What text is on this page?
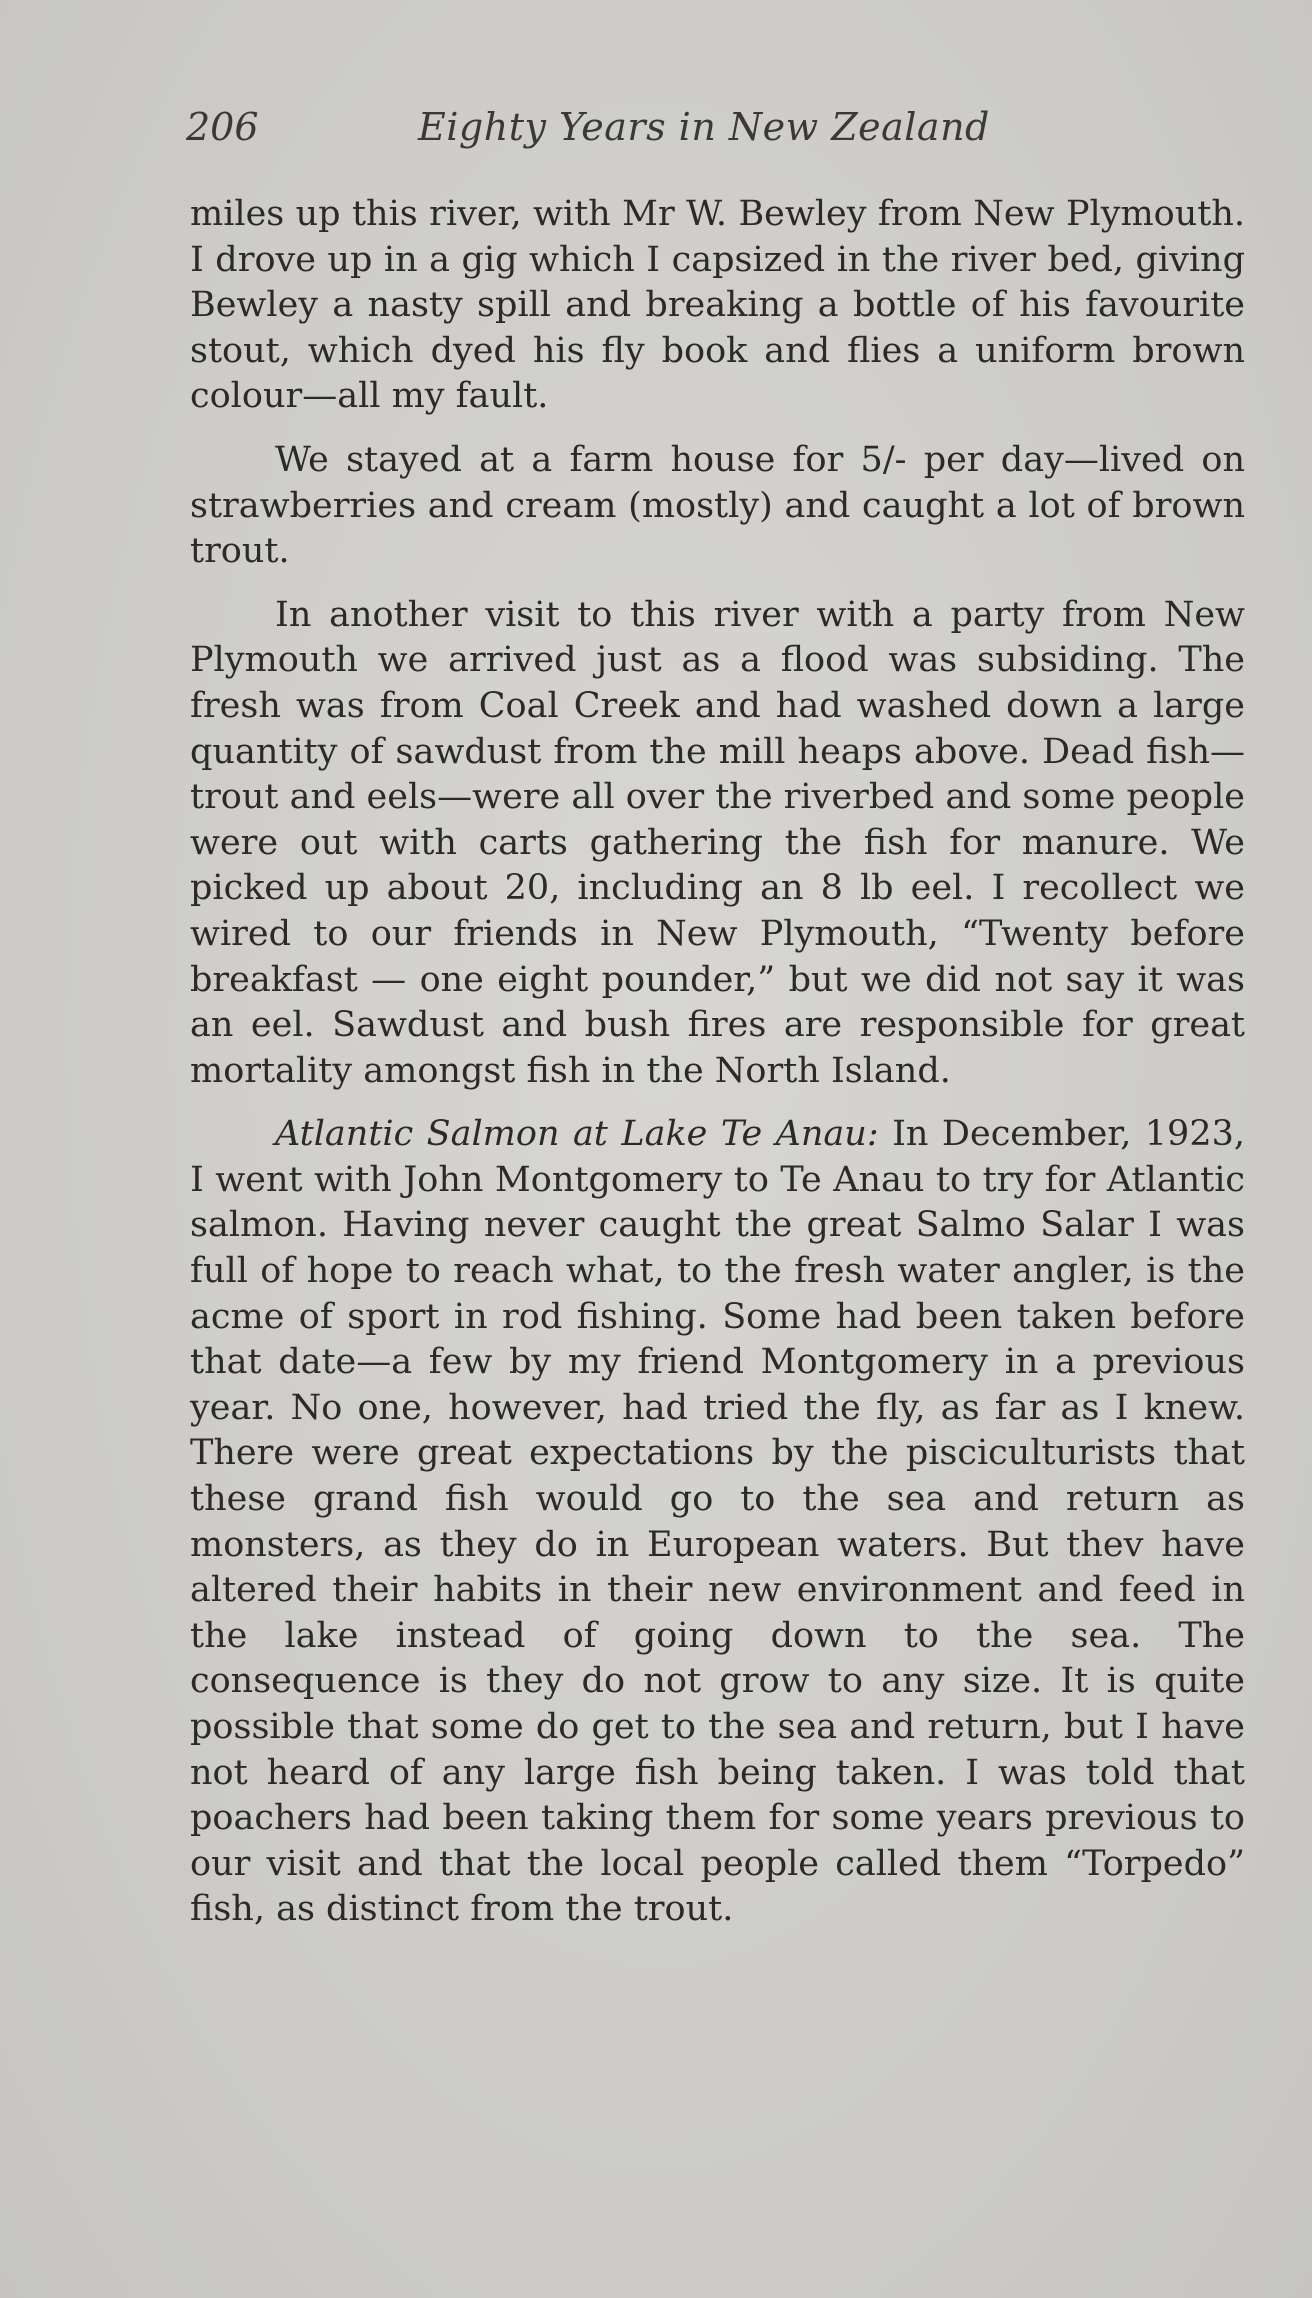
206	Eighty Years in New Zealand

miles up this river, with Mr W. Bewley from New Plymouth. I drove up in a gig which I capsized in the river bed, giving Bewley a nasty spill and breaking a bottle of his favourite stout, which dyed his fly book and flies a uniform brown colour—all my fault.

We stayed at a farm house for 5/- per day—lived on strawberries and cream (mostly) and caught a lot of brown trout.

In another visit to this river with a party from New Plymouth we arrived just as a flood was subsiding. The fresh was from Coal Creek and had washed down a large quantity of sawdust from the mill heaps above. Dead fish—trout and eels—were all over the riverbed and some people were out with carts gathering the fish for manure. We picked up about 20, including an 8 lb eel. I recollect we wired to our friends in New Plymouth, “Twenty before breakfast — one eight pounder,” but we did not say it was an eel. Sawdust and bush fires are responsible for great mortality amongst fish in the North Island.

Atlantic Salmon at Lake Te Anau: In December, 1923, I went with John Montgomery to Te Anau to try for Atlantic salmon. Having never caught the great Salmo Salar I was full of hope to reach what, to the fresh water angler, is the acme of sport in rod fishing. Some had been taken before that date—a few by my friend Montgomery in a previous year. No one, however, had tried the fly, as far as I knew. There were great expectations by the pisciculturists that these grand fish would go to the sea and return as monsters, as they do in European waters. But thev have altered their habits in their new environment and feed in the lake instead of going down to the sea. The consequence is they do not grow to any size. It is quite possible that some do get to the sea and return, but I have not heard of any large fish being taken. I was told that poachers had been taking them for some years previous to our visit and that the local people called them “Torpedo” fish, as distinct from the trout.
